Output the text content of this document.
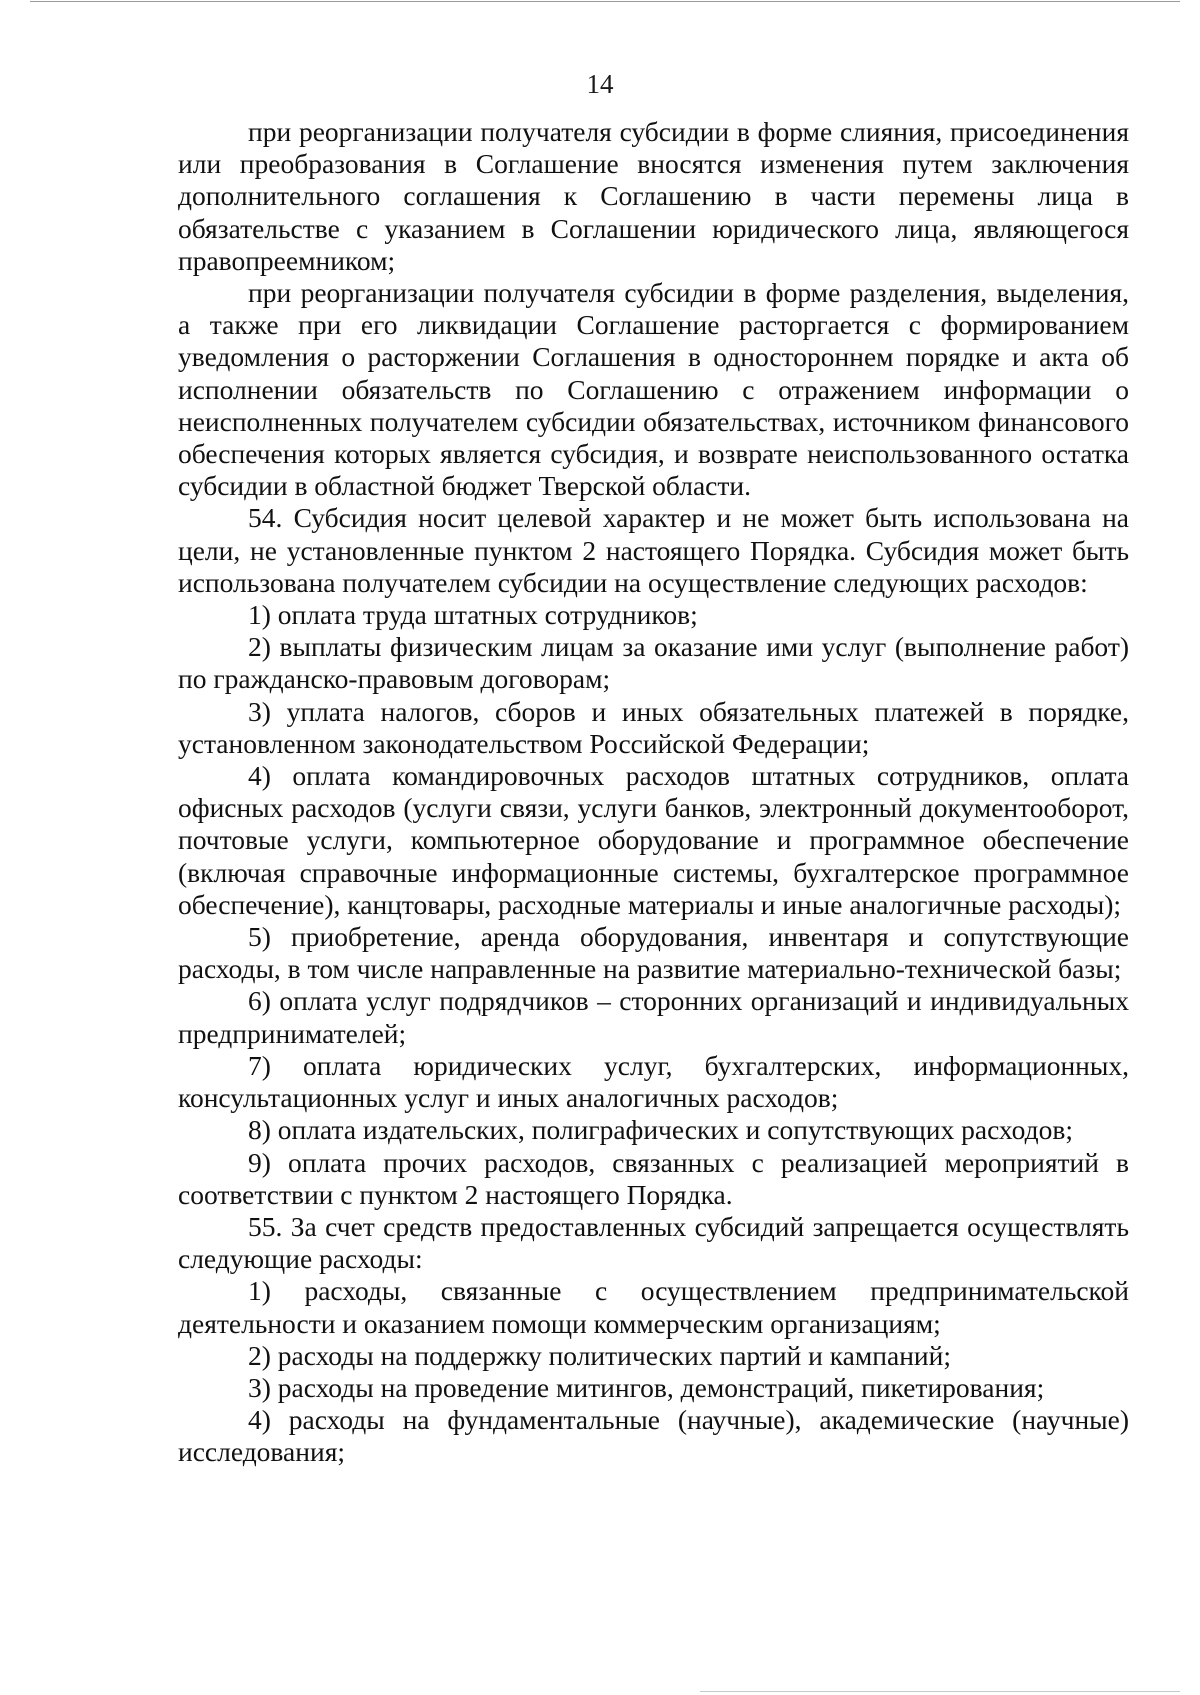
14

при реорганизации получателя субсидии в форме слияния, присоединения или преобразования в Соглашение вносятся изменения путем заключения дополнительного соглашения к Соглашению в части перемены лица в обязательстве с указанием в Соглашении юридического лица, являющегося правопреемником;

при реорганизации получателя субсидии в форме разделения, выделения, а также при его ликвидации Соглашение расторгается с формированием уведомления о расторжении Соглашения в одностороннем порядке и акта об исполнении обязательств по Соглашению с отражением информации о неисполненных получателем субсидии обязательствах, источником финансового обеспечения которых является субсидия, и возврате неиспользованного остатка субсидии в областной бюджет Тверской области.

54. Субсидия носит целевой характер и не может быть использована на цели, не установленные пунктом 2 настоящего Порядка. Субсидия может быть использована получателем субсидии на осуществление следующих расходов:

1) оплата труда штатных сотрудников;

2) выплаты физическим лицам за оказание ими услуг (выполнение работ) по гражданско-правовым договорам;

3) уплата налогов, сборов и иных обязательных платежей в порядке, установленном законодательством Российской Федерации;

4) оплата командировочных расходов штатных сотрудников, оплата офисных расходов (услуги связи, услуги банков, электронный документооборот, почтовые услуги, компьютерное оборудование и программное обеспечение (включая справочные информационные системы, бухгалтерское программное обеспечение), канцтовары, расходные материалы и иные аналогичные расходы);

5) приобретение, аренда оборудования, инвентаря и сопутствующие расходы, в том числе направленные на развитие материально-технической базы;

6) оплата услуг подрядчиков – сторонних организаций и индивидуальных предпринимателей;

7) оплата юридических услуг, бухгалтерских, информационных, консультационных услуг и иных аналогичных расходов;

8) оплата издательских, полиграфических и сопутствующих расходов;

9) оплата прочих расходов, связанных с реализацией мероприятий в соответствии с пунктом 2 настоящего Порядка.

55. За счет средств предоставленных субсидий запрещается осуществлять следующие расходы:

1) расходы, связанные с осуществлением предпринимательской деятельности и оказанием помощи коммерческим организациям;

2) расходы на поддержку политических партий и кампаний;

3) расходы на проведение митингов, демонстраций, пикетирования;

4) расходы на фундаментальные (научные), академические (научные) исследования;
